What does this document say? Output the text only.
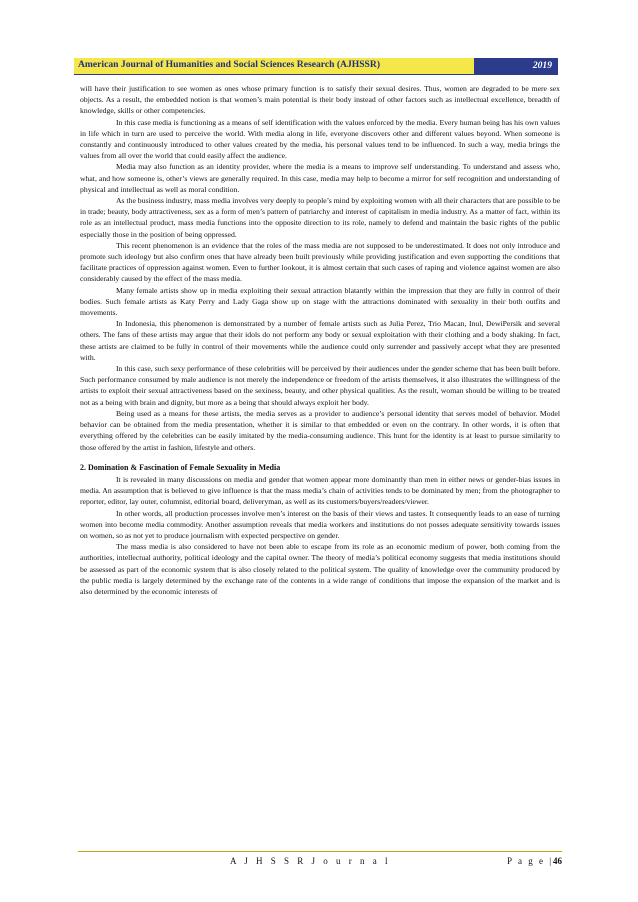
American Journal of Humanities and Social Sciences Research (AJHSSR)	2019

will have their justification to see women as ones whose primary function is to satisfy their sexual desires. Thus, women are degraded to be mere sex objects. As a result, the embedded notion is that women’s main potential is their body instead of other factors such as intellectual excellence, breadth of knowledge, skills or other competencies.

In this case media is functioning as a means of self identification with the values enforced by the media. Every human being has his own values in life which in turn are used to perceive the world. With media along in life, everyone discovers other and different values beyond. When someone is constantly and continuously introduced to other values created by the media, his personal values tend to be influenced. In such a way, media brings the values from all over the world that could easily affect the audience.

Media may also function as an identity provider, where the media is a means to improve self understanding. To understand and assess who, what, and how someone is, other’s views are generally required. In this case, media may help to become a mirror for self recognition and understanding of physical and intellectual as well as moral condition.

As the business industry, mass media involves very deeply to people’s mind by exploiting women with all their characters that are possible to be in trade; beauty, body attractiveness, sex as a form of men’s pattern of patriarchy and interest of capitalism in media industry. As a matter of fact, within its role as an intellectual product, mass media functions into the opposite direction to its role, namely to defend and maintain the basic rights of the public especially those in the position of being oppressed.

This recent phenomenon is an evidence that the roles of the mass media are not supposed to be underestimated. It does not only introduce and promote such ideology but also confirm ones that have already been built previously while providing justification and even supporting the conditions that facilitate practices of oppression against women. Even to further lookout, it is almost certain that such cases of raping and violence against women are also considerably caused by the effect of the mass media.

Many female artists show up in media exploiting their sexual attraction blatantly within the impression that they are fully in control of their bodies. Such female artists as Katy Perry and Lady Gaga show up on stage with the attractions dominated with sexuality in their both outfits and movements.

In Indonesia, this phenomenon is demonstrated by a number of female artists such as Julia Perez, Trio Macan, Inul, DewiPersik and several others. The fans of these artists may argue that their idols do not perform any body or sexual exploitation with their clothing and a body shaking. In fact, these artists are claimed to be fully in control of their movements while the audience could only surrender and passively accept what they are presented with.

In this case, such sexy performance of these celebrities will be perceived by their audiences under the gender scheme that has been built before. Such performance consumed by male audience is not merely the independence or freedom of the artists themselves, it also illustrates the willingness of the artists to exploit their sexual attractiveness based on the sexiness, beauty, and other physical qualities. As the result, woman should be willing to be treated not as a being with brain and dignity, but more as a being that should always exploit her body.

Being used as a means for these artists, the media serves as a provider to audience’s personal identity that serves model of behavior. Model behavior can be obtained from the media presentation, whether it is similar to that embedded or even on the contrary. In other words, it is often that everything offered by the celebrities can be easily imitated by the media-consuming audience. This hunt for the identity is at least to pursue similarity to those offered by the artist in fashion, lifestyle and others.

2. Domination & Fascination of Female Sexuality in Media

It is revealed in many discussions on media and gender that women appear more dominantly than men in either news or gender-bias issues in media. An assumption that is believed to give influence is that the mass media’s chain of activities tends to be dominated by men; from the photographer to reporter, editor, lay outer, columnist, editorial board, deliveryman, as well as its customers/buyers/readers/viewer.

In other words, all production processes involve men’s interest on the basis of their views and tastes. It consequently leads to an ease of turning women into become media commodity. Another assumption reveals that media workers and institutions do not posses adequate sensitivity towards issues on women, so as not yet to produce journalism with expected perspective on gender.

The mass media is also considered to have not been able to escape from its role as an economic medium of power, both coming from the authorities, intellectual authority, political ideology and the capital owner. The theory of media’s political economy suggests that media institutions should be assessed as part of the economic system that is also closely related to the political system. The quality of knowledge over the community produced by the public media is largely determined by the exchange rate of the contents in a wide range of conditions that impose the expansion of the market and is also determined by the economic interests of

A J H S S R J o u r n a l	P a g e |46
